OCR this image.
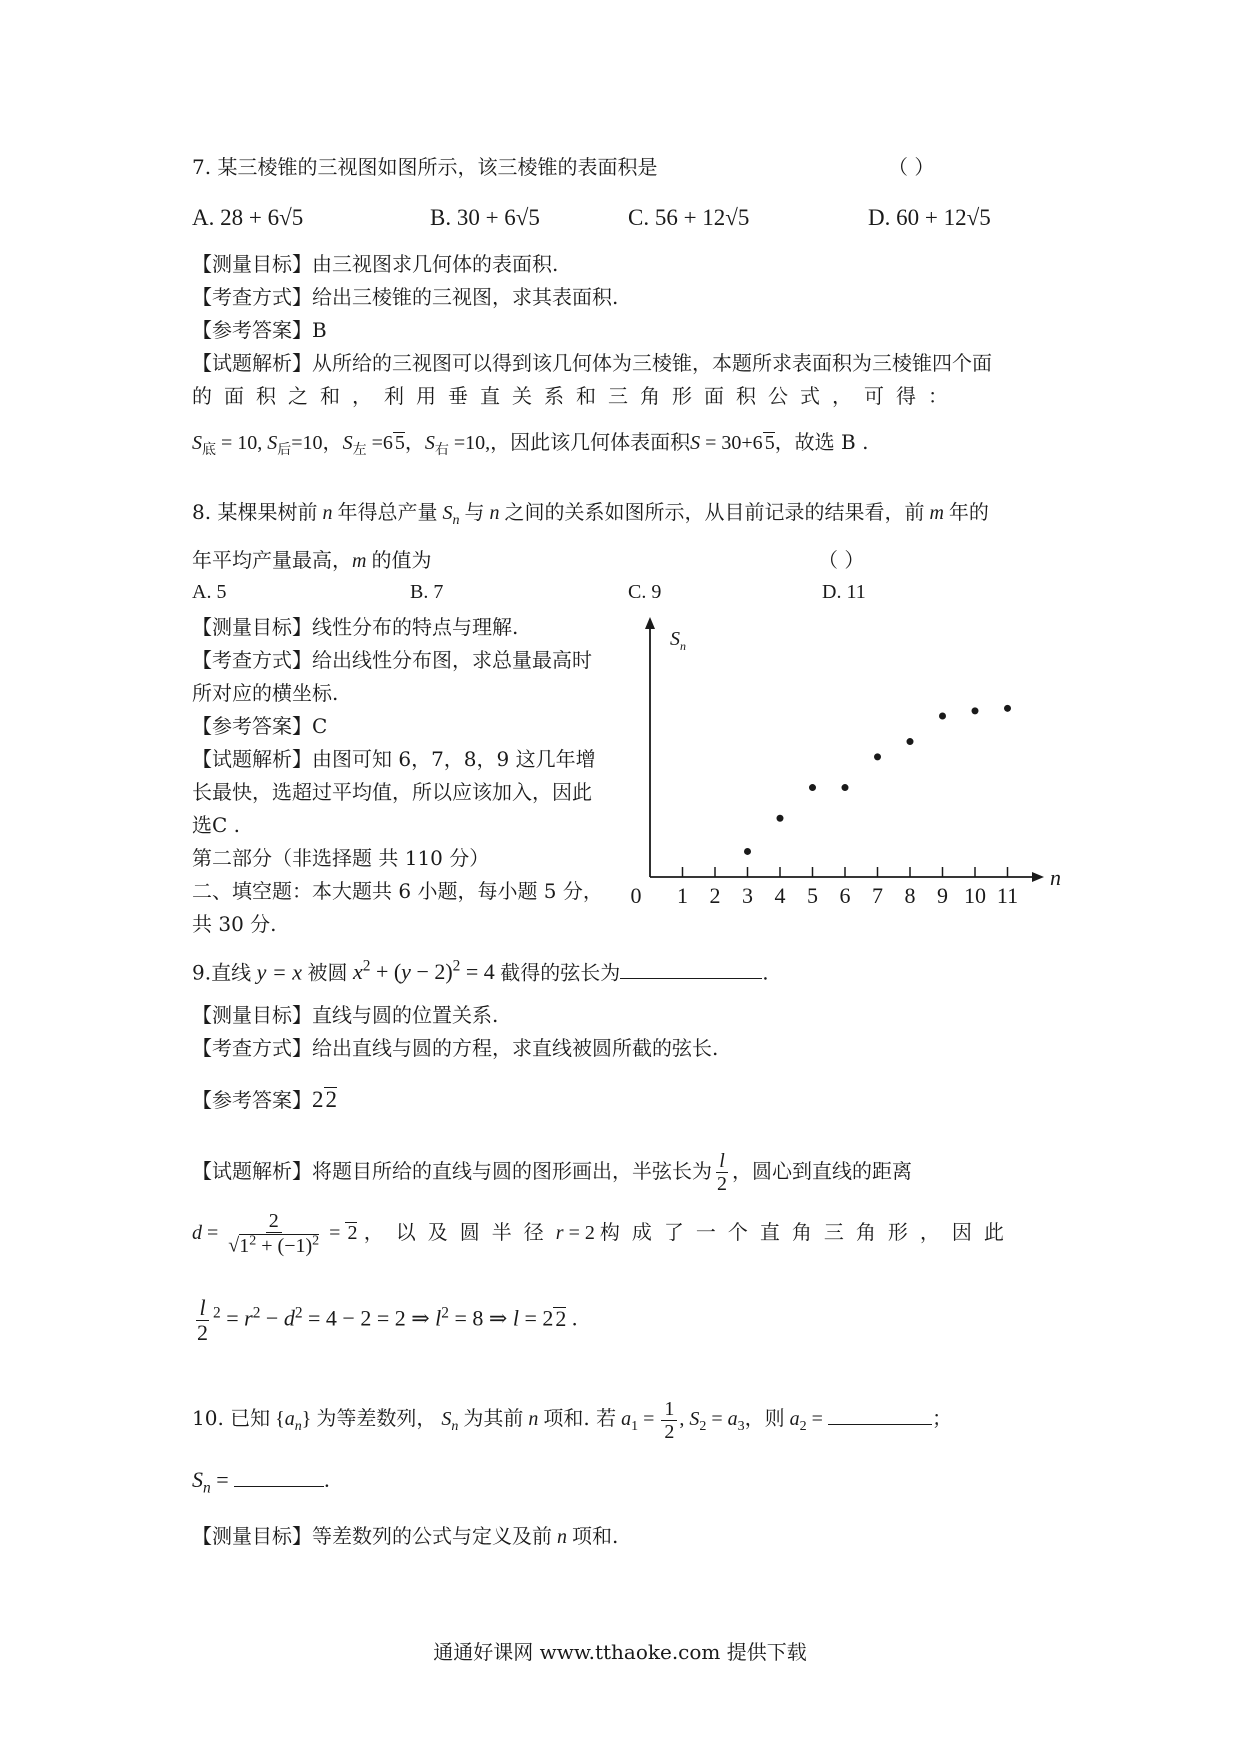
7. 某三棱锥的三视图如图所示，该三棱锥的表面积是	（ ）
A. 28 + 6√5	B. 30 + 6√5	C. 56 + 12√5	D. 60 + 12√5
【测量目标】由三视图求几何体的表面积.
【考查方式】给出三棱锥的三视图，求其表面积.
【参考答案】B
【试题解析】从所给的三视图可以得到该几何体为三棱锥，本题所求表面积为三棱锥四个面
的面积之和，利用垂直关系和三角形面积公式，可得：
$S_底 = 10$, $S_后=10$，$S_左 =6$ 5，$S_右 =10$,，因此该几何体表面积S = 30+6 5，故选 B .
8. 某棵果树前 n 年得总产量 $S_n$ 与 n 之间的关系如图所示，从目前记录的结果看，前 m 年的
年平均产量最高，m 的值为	（ ）
A. 5	B. 7	C. 9	D. 11
【测量目标】线性分布的特点与理解.
【考查方式】给出线性分布图，求总量最高时
所对应的横坐标.
【参考答案】C
【试题解析】由图可知 6，7，8，9 这几年增
长最快，选超过平均值，所以应该加入，因此
选C .
第二部分（非选择题 共 110 分）
二、填空题：本大题共 6 小题，每小题 5 分，
共 30 分.
$S_n$
n
0 1 2 3 4 5 6 7 8 9 10 11
9.直线 y = x 被圆 $x^2 + (y - 2)^2 = 4$ 截得的弦长为	.
【测量目标】直线与圆的位置关系.
【考查方式】给出直线与圆的方程，求直线被圆所截的弦长.
【参考答案】22
【试题解析】将题目所给的直线与圆的图形画出，半弦长为 $\frac{l}{2}$ ，圆心到直线的距离
$d = \frac{2}{√1^2 + (-1)^2} = 2$ ，以及圆半径r = 2 构成了一个直角三角形，因此
$\frac{l}{2} ^2 = r^2 - d^2 = 4 - 2 = 2$ ⇒ $l^2 = 8$ ⇒ l = 22 .
10. 已知 $\{a_n\}$ 为等差数列， $S_n$ 为其前 n 项和. 若 $a_1 = \frac{1}{2}$ , $S_2 = a_3$，则 $a_2$ =	；
$S_n$ =	.
【测量目标】等差数列的公式与定义及前 n 项和.
通通好课网 www.tthaoke.com 提供下载
